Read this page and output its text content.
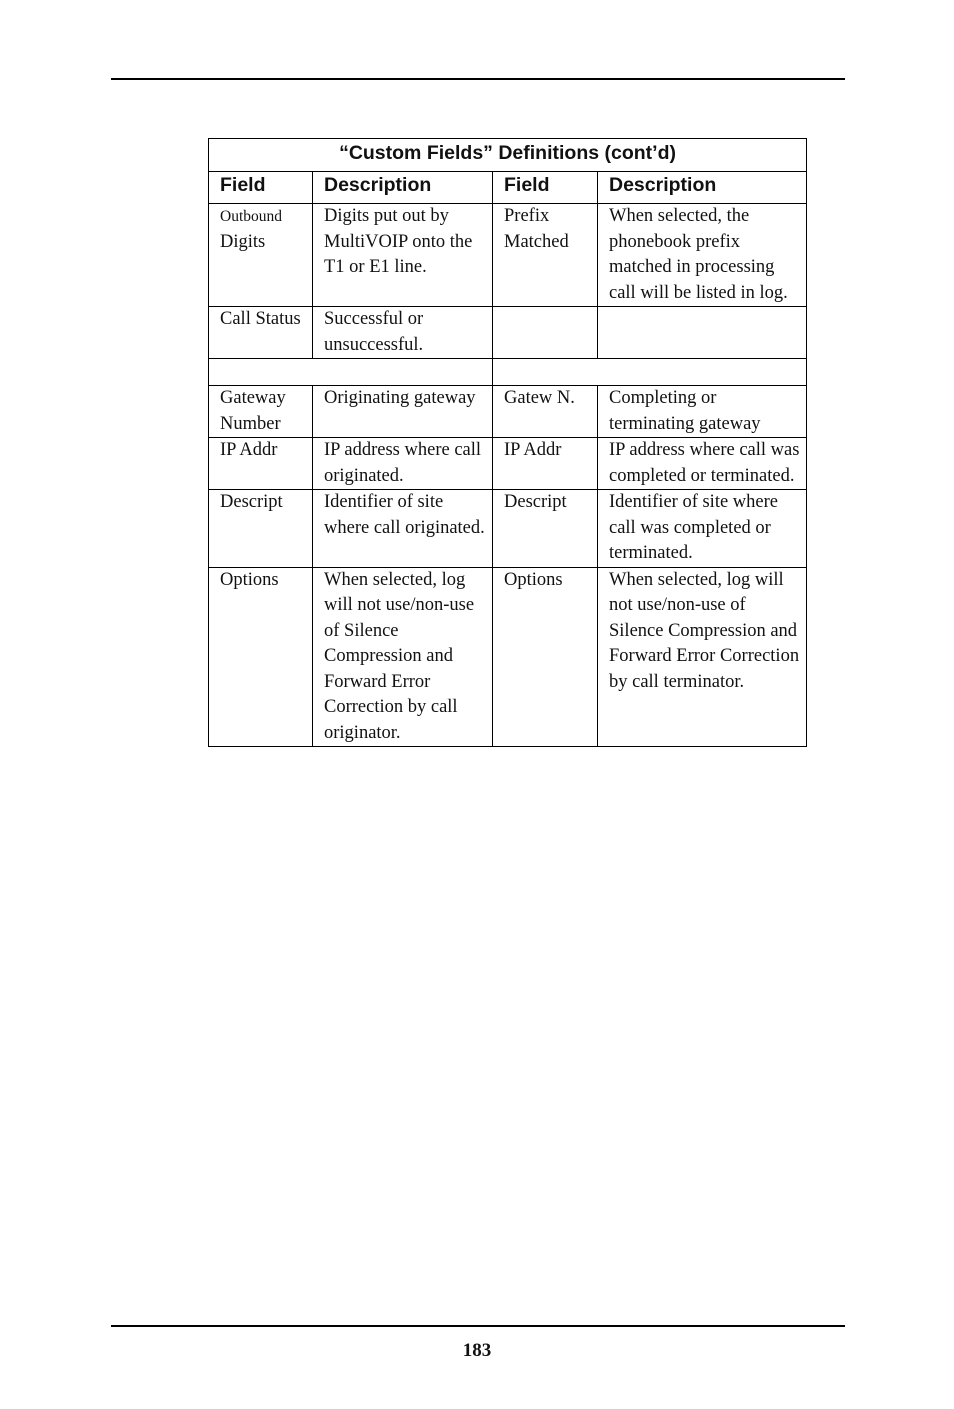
“Custom Fields” Definitions (cont’d)			
Field	Description	Field	Description
Outbound
Digits	Digits put out by MultiVOIP onto the T1 or E1 line.	Prefix Matched	When selected, the phonebook prefix matched in processing call will be listed in log.
Call Status	Successful or unsuccessful.		

Gateway Number	Originating gateway	Gatew N.	Completing or terminating gateway
IP Addr	IP address where call originated.	IP Addr	IP address where call was completed or terminated.
Descript	Identifier of site where call originated.	Descript	Identifier of site where call was completed or terminated.
Options	When selected, log will not use/non-use of Silence Compression and Forward Error Correction by call originator.	Options	When selected, log will not use/non-use of Silence Compression and Forward Error Correction by call terminator.
183
